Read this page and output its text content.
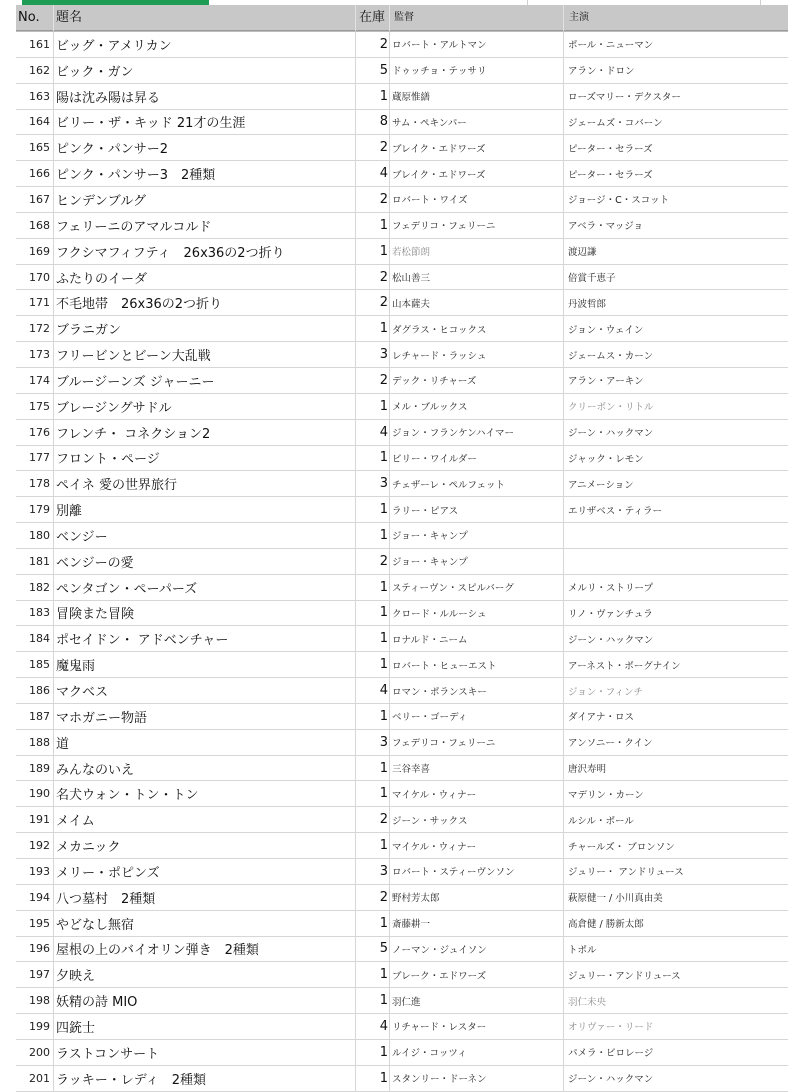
No. 題名	在庫 監督	主演
161 ビッグ・アメリカン	2 ロバート・アルトマン	ポール・ニューマン
162 ビック・ガン	5 ドゥッチョ・テッサリ	アラン・ドロン
163 陽は沈み陽は昇る	1 蔵原惟繕	ローズマリー・デクスター
164 ビリー・ザ・キッド 21才の生涯	8 サム・ペキンパー	ジェームズ・コバーン
165 ピンク・パンサー2	2 ブレイク・エドワーズ	ピーター・セラーズ
166 ピンク・パンサー3　2種類	4 ブレイク・エドワーズ	ピーター・セラーズ
167 ヒンデンブルグ	2 ロバート・ワイズ	ジョージ・C・スコット
168 フェリーニのアマルコルド	1 フェデリコ・フェリーニ	アベラ・マッジョ
169 フクシマフィフティ　26x36の2つ折り	1 若松節朗	渡辺謙
170 ふたりのイーダ	2 松山善三	倍賞千恵子
171 不毛地帯　26x36の2つ折り	2 山本薩夫	丹波哲郎
172 ブラニガン	1 ダグラス・ヒコックス	ジョン・ウェイン
173 フリービンとビーン大乱戦	3 レチャード・ラッシュ	ジェームス・カーン
174 ブルージーンズ ジャーニー	2 デック・リチャーズ	アラン・アーキン
175 ブレージングサドル	1 メル・ブルックス	クリーボン・リトル
176 フレンチ・ コネクション2	4 ジョン・フランケンハイマー	ジーン・ハックマン
177 フロント・ページ	1 ビリー・ワイルダー	ジャック・レモン
178 ペイネ 愛の世界旅行	3 チェザーレ・ペルフェット	アニメーション
179 別離	1 ラリー・ピアス	エリザベス・ティラー
180 ベンジー	1 ジョー・キャンプ
181 ベンジーの愛	2 ジョー・キャンプ
182 ペンタゴン・ペーパーズ	1 スティーヴン・スピルバーグ	メルリ・ストリープ
183 冒険また冒険	1 クロード・ルルーシュ	リノ・ヴァンチュラ
184 ポセイドン・ アドベンチャー	1 ロナルド・ニーム	ジーン・ハックマン
185 魔鬼雨	1 ロバート・ヒューエスト	アーネスト・ボーグナイン
186 マクベス	4 ロマン・ポランスキー	ジョン・フィンチ
187 マホガニー物語	1 ベリー・ゴーディ	ダイアナ・ロス
188 道	3 フェデリコ・フェリーニ	アンソニー・クイン
189 みんなのいえ	1 三谷幸喜	唐沢寿明
190 名犬ウォン・トン・トン	1 マイケル・ウィナー	マデリン・カーン
191 メイム	2 ジーン・サックス	ルシル・ボール
192 メカニック	1 マイケル・ウィナー	チャールズ・ ブロンソン
193 メリー・ポピンズ	3 ロバート・スティーヴンソン	ジュリー・ アンドリュース
194 八つ墓村　2種類	2 野村芳太郎	萩原健一 / 小川真由美
195 やどなし無宿	1 斎藤耕一	高倉健 / 勝新太郎
196 屋根の上のバイオリン弾き　2種類	5 ノーマン・ジュイソン	トポル
197 夕映え	1 ブレーク・エドワーズ	ジュリー・アンドリュース
198 妖精の詩 MIO	1 羽仁進	羽仁未央
199 四銃士	4 リチャード・レスター	オリヴァー・リード
200 ラストコンサート	1 ルイジ・コッツィ	パメラ・ビロレージ
201 ラッキー・レディ　2種類	1 スタンリー・ドーネン	ジーン・ハックマン
